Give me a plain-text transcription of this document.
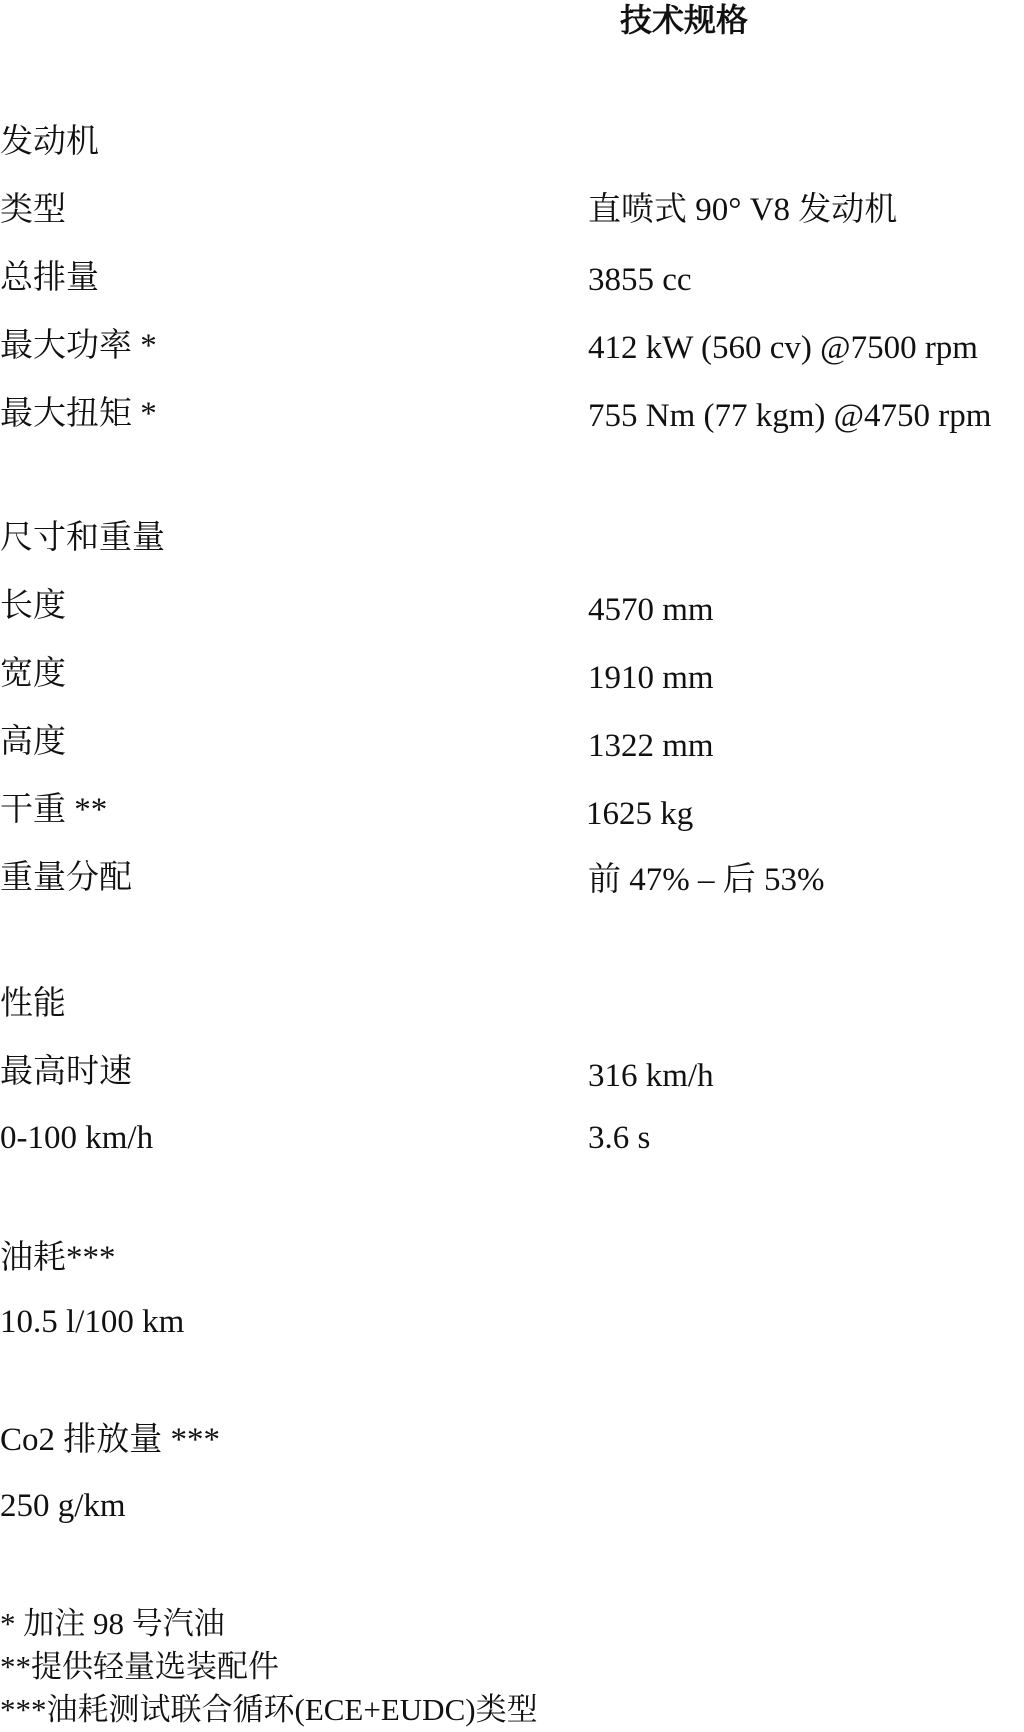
技术规格
发动机
类型	直喷式 90° V8 发动机
总排量	3855 cc
最大功率 *	412 kW (560 cv) @7500 rpm
最大扭矩 *	755 Nm (77 kgm) @4750 rpm
尺寸和重量
长度	4570 mm
宽度	1910 mm
高度	1322 mm
干重 **	1625 kg
重量分配	前 47% – 后 53%
性能
最高时速	316 km/h
0-100 km/h	3.6 s
油耗***
10.5 l/100 km
Co2 排放量 ***
250 g/km
* 加注 98 号汽油
**提供轻量选装配件
***油耗测试联合循环(ECE+EUDC)类型
